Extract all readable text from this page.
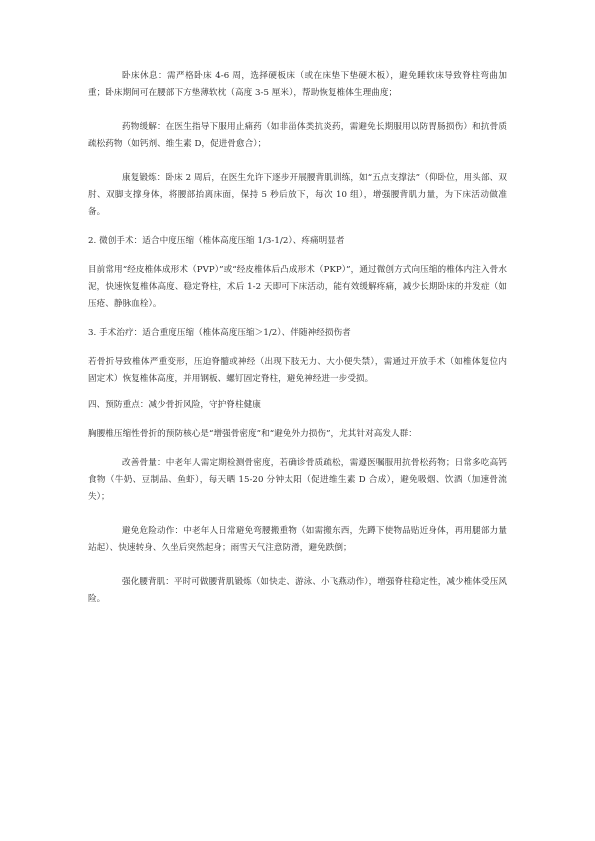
卧床休息：需严格卧床 4-6 周，选择硬板床（或在床垫下垫硬木板），避免睡软床导致脊柱弯曲加重；卧床期间可在腰部下方垫薄软枕（高度 3-5 厘米），帮助恢复椎体生理曲度；

药物缓解：在医生指导下服用止痛药（如非甾体类抗炎药，需避免长期服用以防胃肠损伤）和抗骨质疏松药物（如钙剂、维生素 D，促进骨愈合）；

康复锻炼：卧床 2 周后，在医生允许下逐步开展腰背肌训练，如“五点支撑法”（仰卧位，用头部、双肘、双脚支撑身体，将腰部抬离床面，保持 5 秒后放下，每次 10 组），增强腰背肌力量，为下床活动做准备。

2. 微创手术：适合中度压缩（椎体高度压缩 1/3-1/2）、疼痛明显者

目前常用“经皮椎体成形术（PVP）”或“经皮椎体后凸成形术（PKP）”，通过微创方式向压缩的椎体内注入骨水泥，快速恢复椎体高度、稳定脊柱，术后 1-2 天即可下床活动，能有效缓解疼痛，减少长期卧床的并发症（如压疮、静脉血栓）。

3. 手术治疗：适合重度压缩（椎体高度压缩＞1/2）、伴随神经损伤者

若骨折导致椎体严重变形，压迫脊髓或神经（出现下肢无力、大小便失禁），需通过开放手术（如椎体复位内固定术）恢复椎体高度，并用钢板、螺钉固定脊柱，避免神经进一步受损。

四、预防重点：减少骨折风险，守护脊柱健康

胸腰椎压缩性骨折的预防核心是“增强骨密度”和“避免外力损伤”，尤其针对高发人群：

改善骨量：中老年人需定期检测骨密度，若确诊骨质疏松，需遵医嘱服用抗骨松药物；日常多吃高钙食物（牛奶、豆制品、鱼虾），每天晒 15-20 分钟太阳（促进维生素 D 合成），避免吸烟、饮酒（加速骨流失）；

避免危险动作：中老年人日常避免弯腰搬重物（如需搬东西，先蹲下使物品贴近身体，再用腿部力量站起）、快速转身、久坐后突然起身；雨雪天气注意防滑，避免跌倒；

强化腰背肌：平时可做腰背肌锻炼（如快走、游泳、小飞燕动作），增强脊柱稳定性，减少椎体受压风险。
